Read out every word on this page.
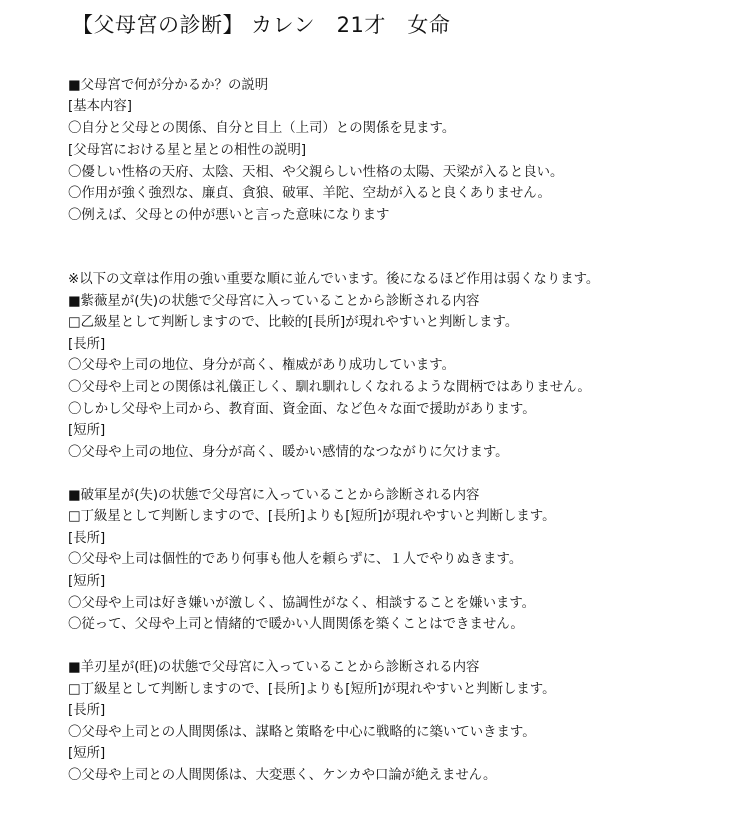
【父母宮の診断】 カレン　21才　女命
■父母宮で何が分かるか？の説明
[基本内容]
〇自分と父母との関係、自分と目上（上司）との関係を見ます。
[父母宮における星と星との相性の説明]
〇優しい性格の天府、太陰、天相、や父親らしい性格の太陽、天梁が入ると良い。
〇作用が強く強烈な、廉貞、貪狼、破軍、羊陀、空劫が入ると良くありません。
〇例えば、父母との仲が悪いと言った意味になります
※以下の文章は作用の強い重要な順に並んでいます。後になるほど作用は弱くなります。
■紫薇星が(失)の状態で父母宮に入っていることから診断される内容
□乙級星として判断しますので、比較的[長所]が現れやすいと判断します。
[長所]
〇父母や上司の地位、身分が高く、権威があり成功しています。
〇父母や上司との関係は礼儀正しく、馴れ馴れしくなれるような間柄ではありません。
〇しかし父母や上司から、教育面、資金面、など色々な面で援助があります。
[短所]
〇父母や上司の地位、身分が高く、暖かい感情的なつながりに欠けます。
■破軍星が(失)の状態で父母宮に入っていることから診断される内容
□丁級星として判断しますので、[長所]よりも[短所]が現れやすいと判断します。
[長所]
〇父母や上司は個性的であり何事も他人を頼らずに、１人でやりぬきます。
[短所]
〇父母や上司は好き嫌いが激しく、協調性がなく、相談することを嫌います。
〇従って、父母や上司と情緒的で暖かい人間関係を築くことはできません。
■羊刃星が(旺)の状態で父母宮に入っていることから診断される内容
□丁級星として判断しますので、[長所]よりも[短所]が現れやすいと判断します。
[長所]
〇父母や上司との人間関係は、謀略と策略を中心に戦略的に築いていきます。
[短所]
〇父母や上司との人間関係は、大変悪く、ケンカや口論が絶えません。
